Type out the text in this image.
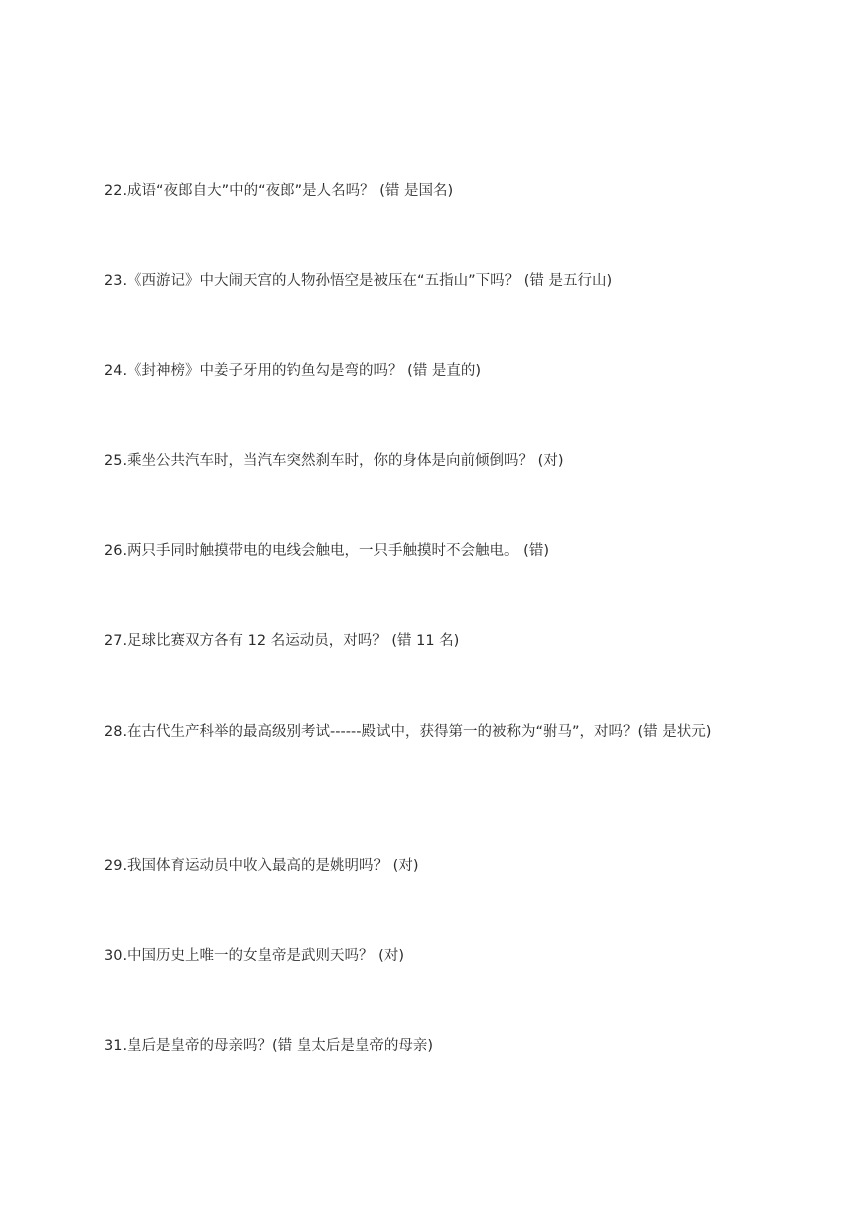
22.成语“夜郎自大”中的“夜郎”是人名吗？ (错 是国名)
23.《西游记》中大闹天宫的人物孙悟空是被压在“五指山”下吗？ (错 是五行山)
24.《封神榜》中姜子牙用的钓鱼勾是弯的吗？ (错 是直的)
25.乘坐公共汽车时，当汽车突然刹车时，你的身体是向前倾倒吗？ (对)
26.两只手同时触摸带电的电线会触电，一只手触摸时不会触电。 (错)
27.足球比赛双方各有 12 名运动员，对吗？ (错 11 名)
28.在古代生产科举的最高级别考试------殿试中，获得第一的被称为“驸马”，对吗？(错 是状元)
29.我国体育运动员中收入最高的是姚明吗？ (对)
30.中国历史上唯一的女皇帝是武则天吗？ (对)
31.皇后是皇帝的母亲吗？(错 皇太后是皇帝的母亲)
